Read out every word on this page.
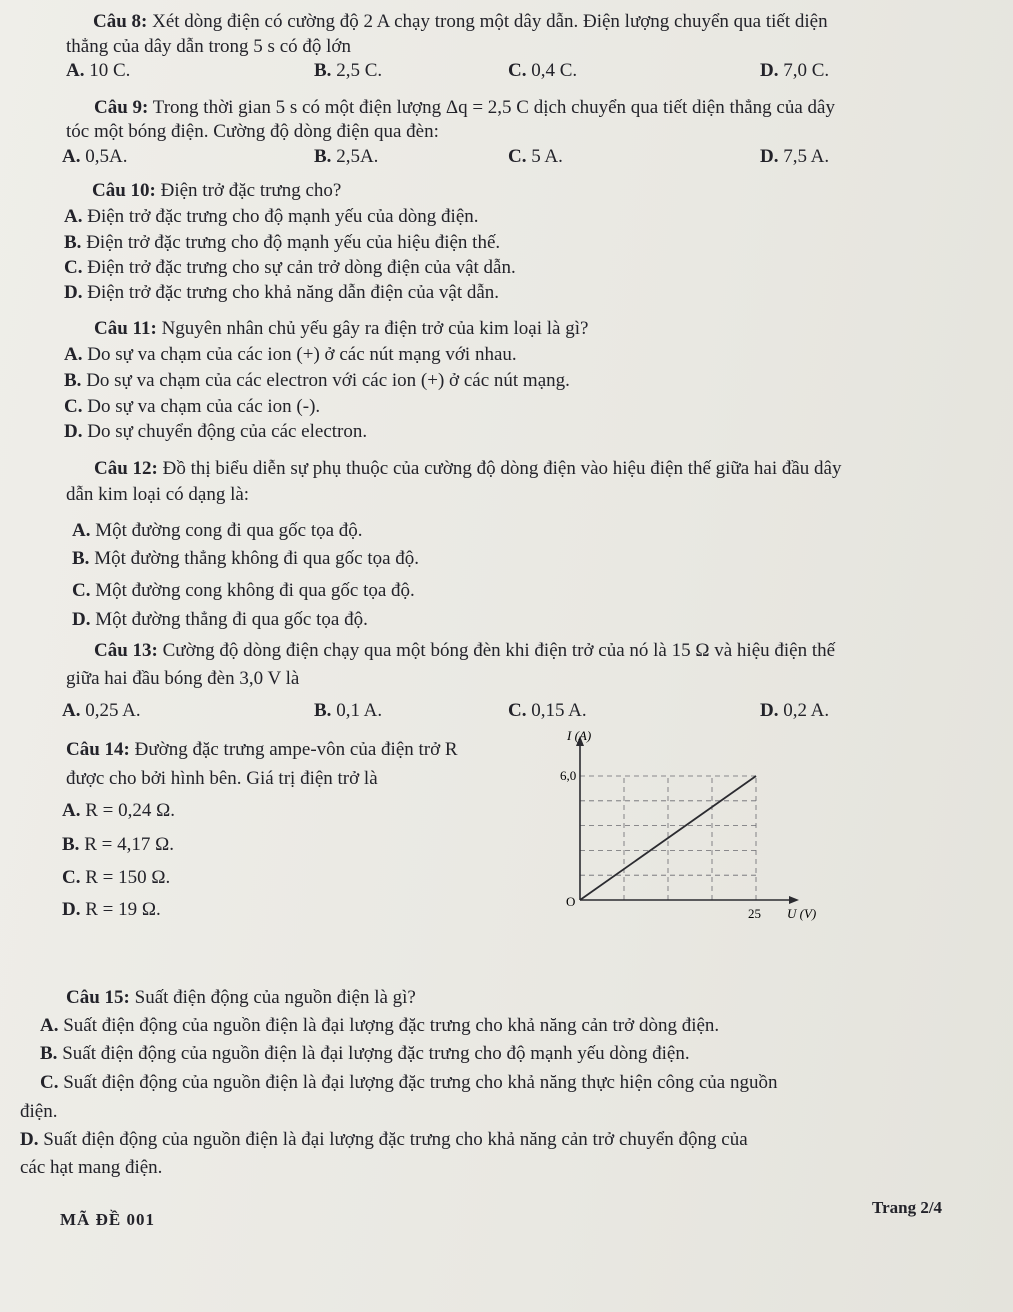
Câu 8: Xét dòng điện có cường độ 2 A chạy trong một dây dẫn. Điện lượng chuyển qua tiết diện
thẳng của dây dẫn trong 5 s có độ lớn
A. 10 C.	B. 2,5 C.	C. 0,4 C.	D. 7,0 C.
Câu 9: Trong thời gian 5 s có một điện lượng Δq = 2,5 C dịch chuyển qua tiết diện thẳng của dây
tóc một bóng điện. Cường độ dòng điện qua đèn:
A. 0,5A.	B. 2,5A.	C. 5 A.	D. 7,5 A.
Câu 10: Điện trở đặc trưng cho?
A. Điện trở đặc trưng cho độ mạnh yếu của dòng điện.
B. Điện trở đặc trưng cho độ mạnh yếu của hiệu điện thế.
C. Điện trở đặc trưng cho sự cản trở dòng điện của vật dẫn.
D. Điện trở đặc trưng cho khả năng dẫn điện của vật dẫn.
Câu 11: Nguyên nhân chủ yếu gây ra điện trở của kim loại là gì?
A. Do sự va chạm của các ion (+) ở các nút mạng với nhau.
B. Do sự va chạm của các electron với các ion (+) ở các nút mạng.
C. Do sự va chạm của các ion (-).
D. Do sự chuyển động của các electron.
Câu 12: Đồ thị biểu diễn sự phụ thuộc của cường độ dòng điện vào hiệu điện thế giữa hai đầu dây
dẫn kim loại có dạng là:
A. Một đường cong đi qua gốc tọa độ.
B. Một đường thẳng không đi qua gốc tọa độ.
C. Một đường cong không đi qua gốc tọa độ.
D. Một đường thẳng đi qua gốc tọa độ.
Câu 13: Cường độ dòng điện chạy qua một bóng đèn khi điện trở của nó là 15 Ω và hiệu điện thế
giữa hai đầu bóng đèn 3,0 V là
A. 0,25 A.	B. 0,1 A.	C. 0,15 A.	D. 0,2 A.
Câu 14: Đường đặc trưng ampe-vôn của điện trở R
được cho bởi hình bên. Giá trị điện trở là
A. R = 0,24 Ω.
B. R = 4,17 Ω.
C. R = 150 Ω.
D. R = 19 Ω.
I (A)
U (V)
6,0
25
O
Câu 15: Suất điện động của nguồn điện là gì?
A. Suất điện động của nguồn điện là đại lượng đặc trưng cho khả năng cản trở dòng điện.
B. Suất điện động của nguồn điện là đại lượng đặc trưng cho độ mạnh yếu dòng điện.
C. Suất điện động của nguồn điện là đại lượng đặc trưng cho khả năng thực hiện công của nguồn
điện.
D. Suất điện động của nguồn điện là đại lượng đặc trưng cho khả năng cản trở chuyển động của
các hạt mang điện.
MÃ ĐỀ 001
Trang 2/4
